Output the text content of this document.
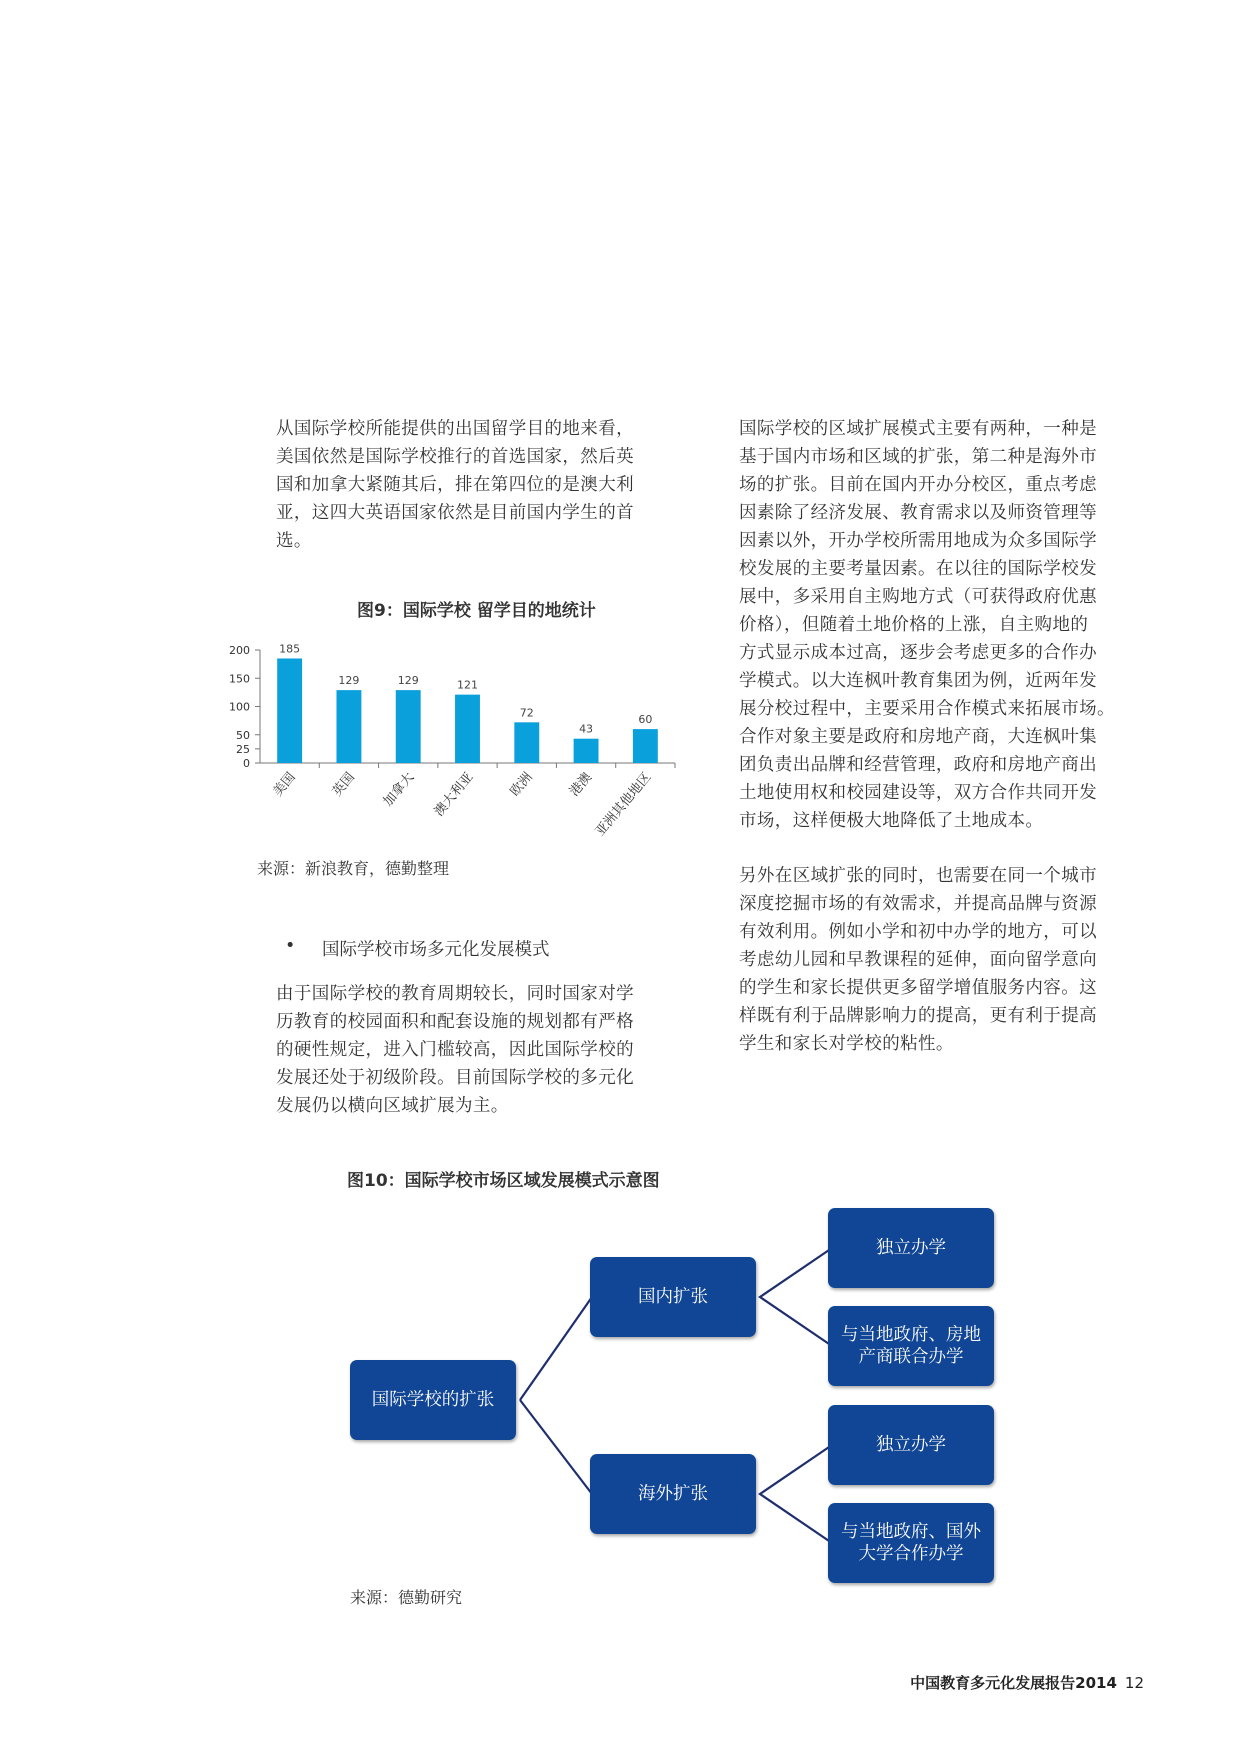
从国际学校所能提供的出国留学目的地来看，
美国依然是国际学校推行的首选国家，然后英
国和加拿大紧随其后，排在第四位的是澳大利
亚，这四大英语国家依然是目前国内学生的首
选。
图9：国际学校 留学目的地统计
0
25
50
100
150
200	185
美国
129
英国
129
加拿大
121
澳大利亚
72
欧洲
43
港澳
60
亚洲其他地区
来源：新浪教育，德勤整理
• 国际学校市场多元化发展模式
由于国际学校的教育周期较长，同时国家对学
历教育的校园面积和配套设施的规划都有严格
的硬性规定，进入门槛较高，因此国际学校的
发展还处于初级阶段。目前国际学校的多元化
发展仍以横向区域扩展为主。
国际学校的区域扩展模式主要有两种，一种是
基于国内市场和区域的扩张，第二种是海外市
场的扩张。目前在国内开办分校区，重点考虑
因素除了经济发展、教育需求以及师资管理等
因素以外，开办学校所需用地成为众多国际学
校发展的主要考量因素。在以往的国际学校发
展中，多采用自主购地方式（可获得政府优惠
价格），但随着土地价格的上涨，自主购地的
方式显示成本过高，逐步会考虑更多的合作办
学模式。以大连枫叶教育集团为例，近两年发
展分校过程中，主要采用合作模式来拓展市场。
合作对象主要是政府和房地产商，大连枫叶集
团负责出品牌和经营管理，政府和房地产商出
土地使用权和校园建设等，双方合作共同开发
市场，这样便极大地降低了土地成本。
另外在区域扩张的同时，也需要在同一个城市
深度挖掘市场的有效需求，并提高品牌与资源
有效利用。例如小学和初中办学的地方，可以
考虑幼儿园和早教课程的延伸，面向留学意向
的学生和家长提供更多留学增值服务内容。这
样既有利于品牌影响力的提高，更有利于提高
学生和家长对学校的粘性。
图10：国际学校市场区域发展模式示意图
国际学校的扩张
国内扩张
海外扩张
独立办学
与当地政府、房地
产商联合办学
独立办学
与当地政府、国外
大学合作办学
来源：德勤研究
中国教育多元化发展报告2014 12
